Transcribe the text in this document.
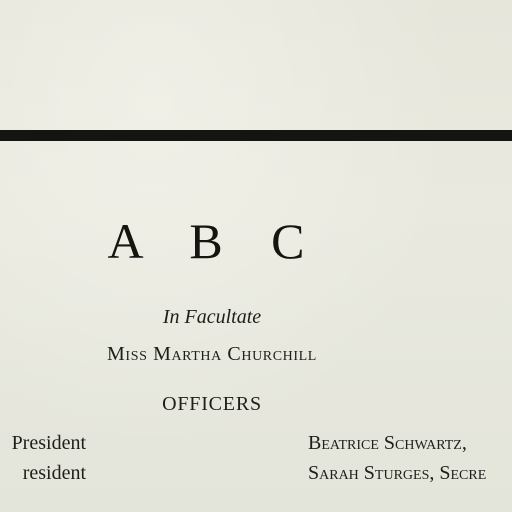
A B C
In Facultate
Miss Martha Churchill
OFFICERS
President
resident
Beatrice Schwartz,
Sarah Sturges, Secre
